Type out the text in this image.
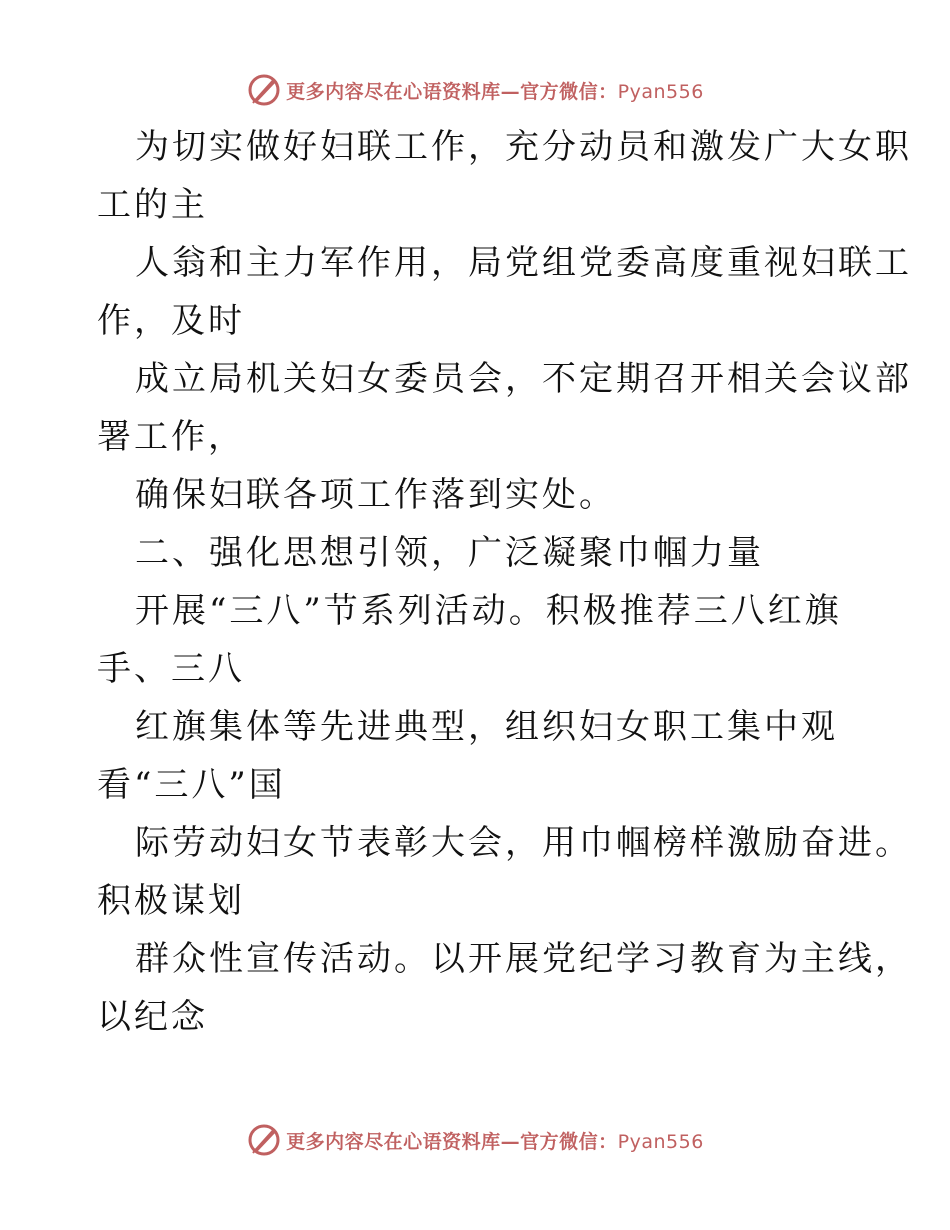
更多内容尽在心语资料库—官方微信：Pyan556
为切实做好妇联工作，充分动员和激发广大女职
工的主
人翁和主力军作用，局党组党委高度重视妇联工
作，及时
成立局机关妇女委员会，不定期召开相关会议部
署工作，
确保妇联各项工作落到实处。
二、强化思想引领，广泛凝聚巾帼力量
开展“三八”节系列活动。积极推荐三八红旗
手、三八
红旗集体等先进典型，组织妇女职工集中观
看“三八”国
际劳动妇女节表彰大会，用巾帼榜样激励奋进。
积极谋划
群众性宣传活动。以开展党纪学习教育为主线，
以纪念
更多内容尽在心语资料库—官方微信：Pyan556
